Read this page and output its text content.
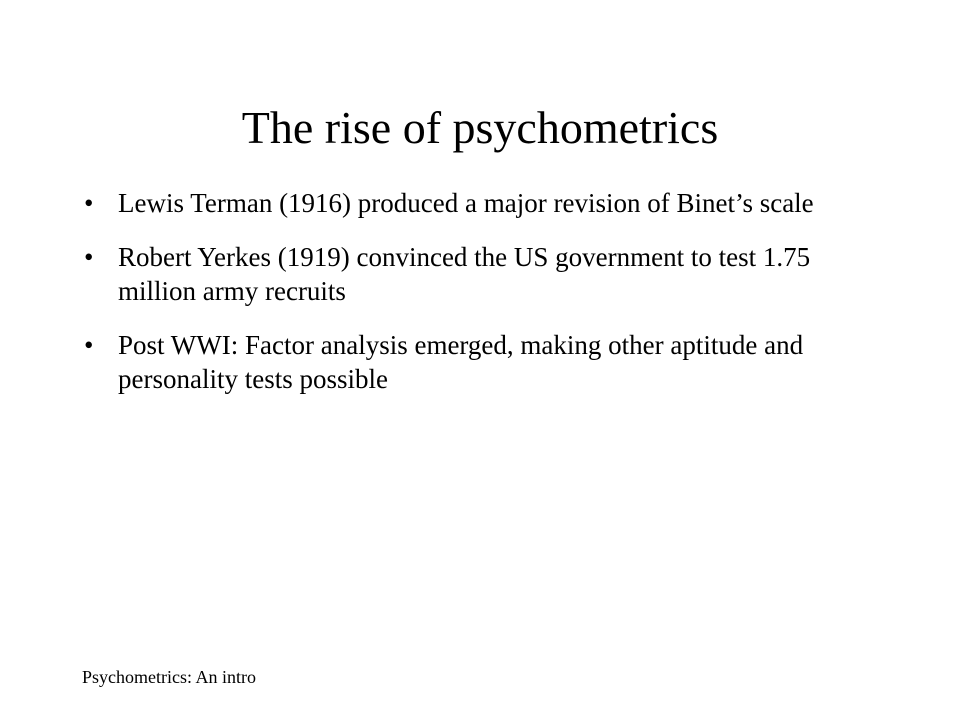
The rise of psychometrics
• Lewis Terman (1916) produced a major revision of Binet’s scale
• Robert Yerkes (1919) convinced the US government to test 1.75 million army recruits
• Post WWI: Factor analysis emerged, making other aptitude and personality tests possible
Psychometrics: An intro
